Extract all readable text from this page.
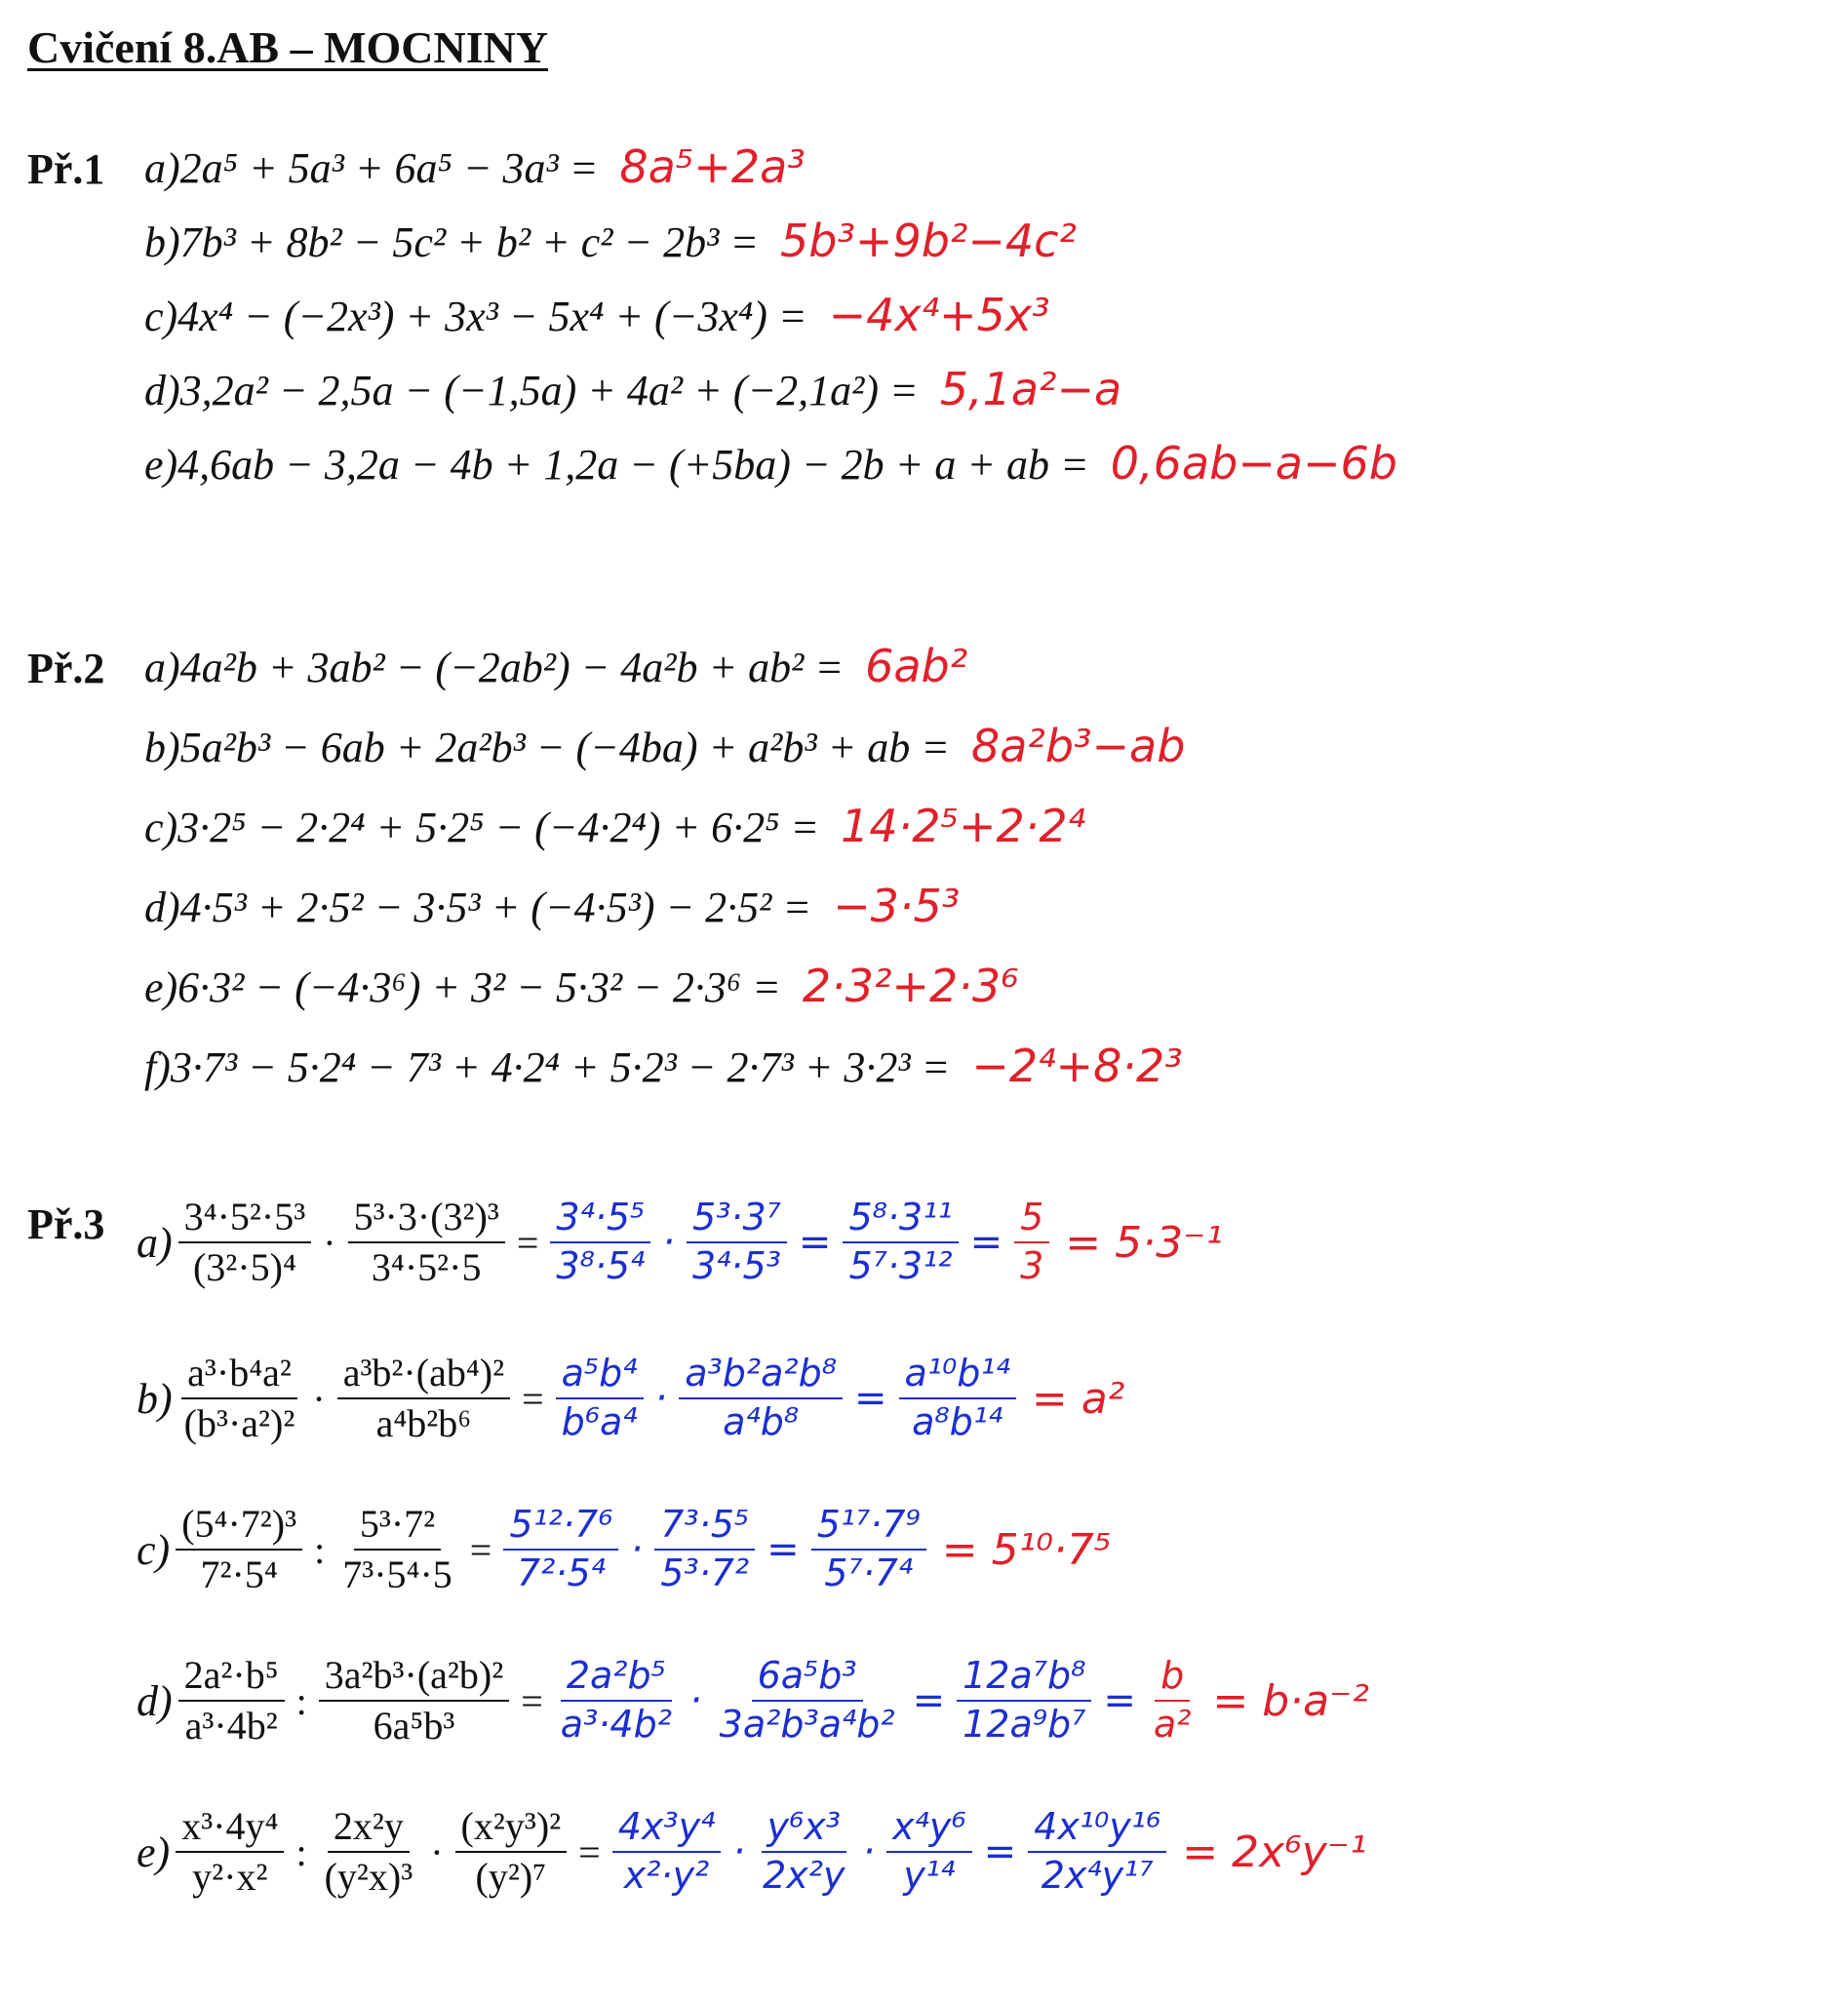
Cvičení 8.AB – MOCNINY
Př.1 a)2a⁵ + 5a³ + 6a⁵ − 3a³ = 8a⁵+2a³
b)7b³ + 8b² − 5c² + b² + c² − 2b³ = 5b³+9b²−4c²
c)4x⁴ − (−2x³) + 3x³ − 5x⁴ + (−3x⁴) = −4x⁴+5x³
d)3,2a² − 2,5a − (−1,5a) + 4a² + (−2,1a²) = 5,1a²−a
e)4,6ab − 3,2a − 4b + 1,2a − (+5ba) − 2b + a + ab = 0,6ab−a−6b
Př.2 a)4a²b + 3ab² − (−2ab²) − 4a²b + ab² = 6ab²
b)5a²b³ − 6ab + 2a²b³ − (−4ba) + a²b³ + ab = 8a²b³−ab
c)3·2⁵ − 2·2⁴ + 5·2⁵ − (−4·2⁴) + 6·2⁵ = 14·2⁵+2·2⁴
d)4·5³ + 2·5² − 3·5³ + (−4·5³) − 2·5² = −3·5³
e)6·3² − (−4·3⁶) + 3² − 5·3² − 2·3⁶ = 2·3²+2·3⁶
f)3·7³ − 5·2⁴ − 7³ + 4·2⁴ + 5·2³ − 2·7³ + 3·2³ = −2⁴+8·2³
Př.3 $a) \frac{\text{3⁴·5²·5³}}{\text{(3²·5)⁴}} \cdot \frac{\text{5³·3·(3²)³}}{\text{3⁴·5²·5}} = \frac{\text{3⁴·5⁵}}{\text{3⁸·5⁴}} \cdot \frac{\text{5³·3⁷}}{\text{3⁴·5³}} = \frac{\text{5⁸·3¹¹}}{\text{5⁷·3¹²}} = \frac{5}{3} = 5\cdot 3^{-1}$
$b) \frac{\text{a³·b⁴a²}}{\text{(b³·a²)²}} \cdot \frac{\text{a³b²·(ab⁴)²}}{\text{a⁴b²b⁶}} = \frac{\text{a⁵b⁴}}{\text{b⁶a⁴}} \cdot \frac{\text{a³b²a²b⁸}}{\text{a⁴b⁸}} = \frac{\text{a¹⁰b¹⁴}}{\text{a⁸b¹⁴}} = a^2$
$c) \frac{\text{(5⁴·7²)³}}{\text{7²·5⁴}}$ : $\frac{\text{5³·7²}}{\text{7³·5⁴·5}} = \frac{\text{5¹²·7⁶}}{\text{7²·5⁴}} \cdot \frac{\text{7³·5⁵}}{\text{5³·7²}} = \frac{\text{5¹⁷·7⁹}}{\text{5⁷·7⁴}} = 5^{10}\cdot 7^5$
$d) \frac{\text{2a²·b⁵}}{\text{a³·4b²}}$ : $\frac{\text{3a²b³·(a²b)²}}{\text{6a⁵b³}} = \frac{\text{2a²b⁵}}{\text{a³·4b²}} \cdot \frac{\text{6a⁵b³}}{\text{3a²b³a⁴b²}} = \frac{\text{12a⁷b⁸}}{\text{12a⁹b⁷}} = \frac{b}{\text{a²}} = b\cdot a^{-2}$
$e) \frac{\text{x³·4y⁴}}{\text{y²·x²}}$ : $\frac{\text{2x²y}}{\text{(y²x)³}} \cdot \frac{\text{(x²y³)²}}{\text{(y²)⁷}} = \frac{\text{4x³y⁴}}{\text{x²·y²}} \cdot \frac{\text{y⁶x³}}{\text{2x²y}} \cdot \frac{\text{x⁴y⁶}}{\text{y¹⁴}} = \frac{\text{4x¹⁰y¹⁶}}{\text{2x⁴y¹⁷}} = 2x^6y^{-1}$
